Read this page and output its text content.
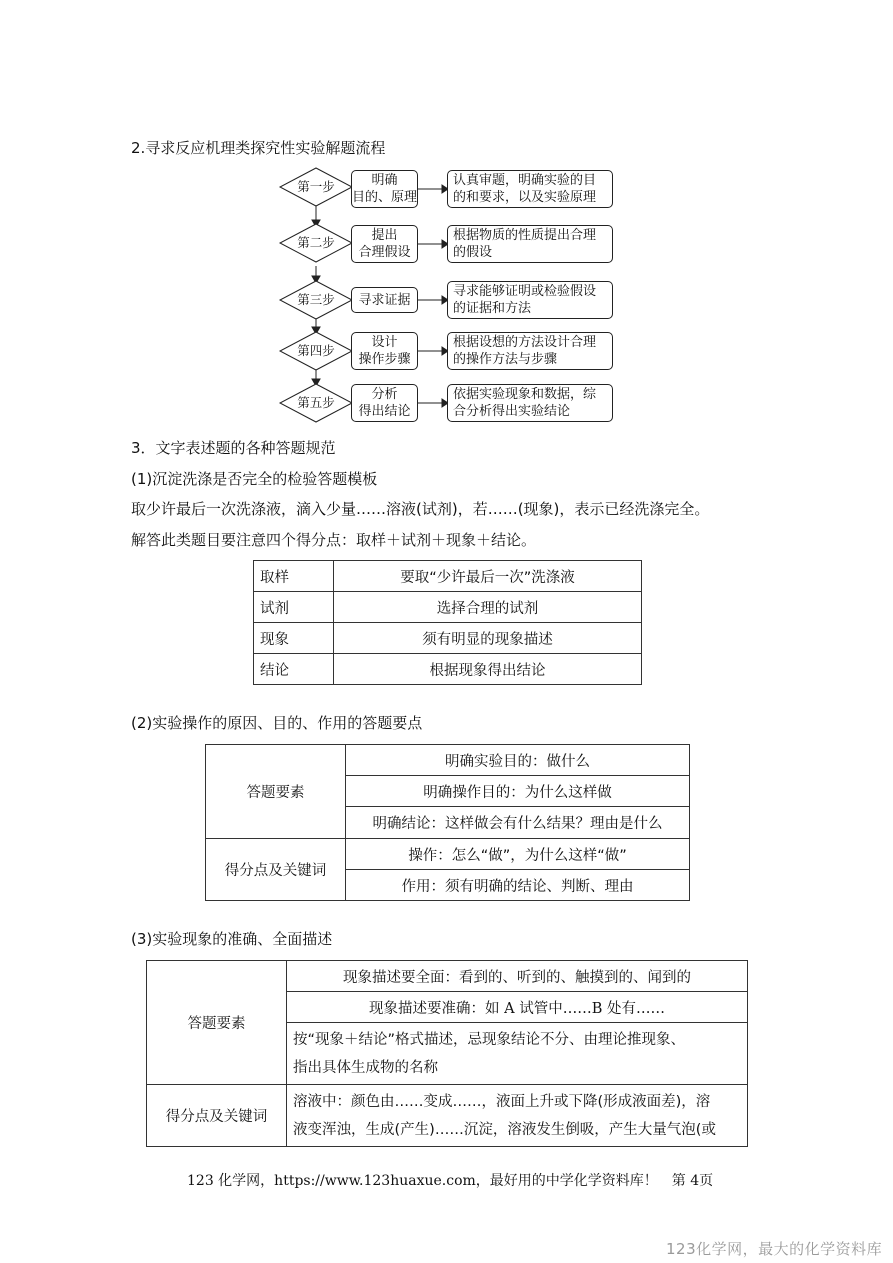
2.寻求反应机理类探究性实验解题流程
第一步
第二步
第三步
第四步
第五步
明确
目的、原理
提出
合理假设
寻求证据
设计
操作步骤
分析
得出结论
认真审题，明确实验的目
的和要求，以及实验原理
根据物质的性质提出合理
的假设
寻求能够证明或检验假设
的证据和方法
根据设想的方法设计合理
的操作方法与步骤
依据实验现象和数据，综
合分析得出实验结论
3．文字表述题的各种答题规范
(1)沉淀洗涤是否完全的检验答题模板
取少许最后一次洗涤液，滴入少量……溶液(试剂)，若……(现象)，表示已经洗涤完全。
解答此类题目要注意四个得分点：取样＋试剂＋现象＋结论。
取样	要取“少许最后一次”洗涤液
试剂	选择合理的试剂
现象	须有明显的现象描述
结论	根据现象得出结论
(2)实验操作的原因、目的、作用的答题要点
答题要素	明确实验目的：做什么
	明确操作目的：为什么这样做
	明确结论：这样做会有什么结果？理由是什么
得分点及关键词	操作：怎么“做”，为什么这样“做”
	作用：须有明确的结论、判断、理由
(3)实验现象的准确、全面描述
答题要素	现象描述要全面：看到的、听到的、触摸到的、闻到的
	现象描述要准确：如 A 试管中……B 处有……

	按“现象＋结论”格式描述，忌现象结论不分、由理论推现象、
指出具体生成物的名称

得分点及关键词	溶液中：颜色由……变成……，液面上升或下降(形成液面差)，溶
液变浑浊，生成(产生)……沉淀，溶液发生倒吸，产生大量气泡(或
123 化学网，https://www.123huaxue.com，最好用的中学化学资料库！　第 4页
123化学网，最大的化学资料库
